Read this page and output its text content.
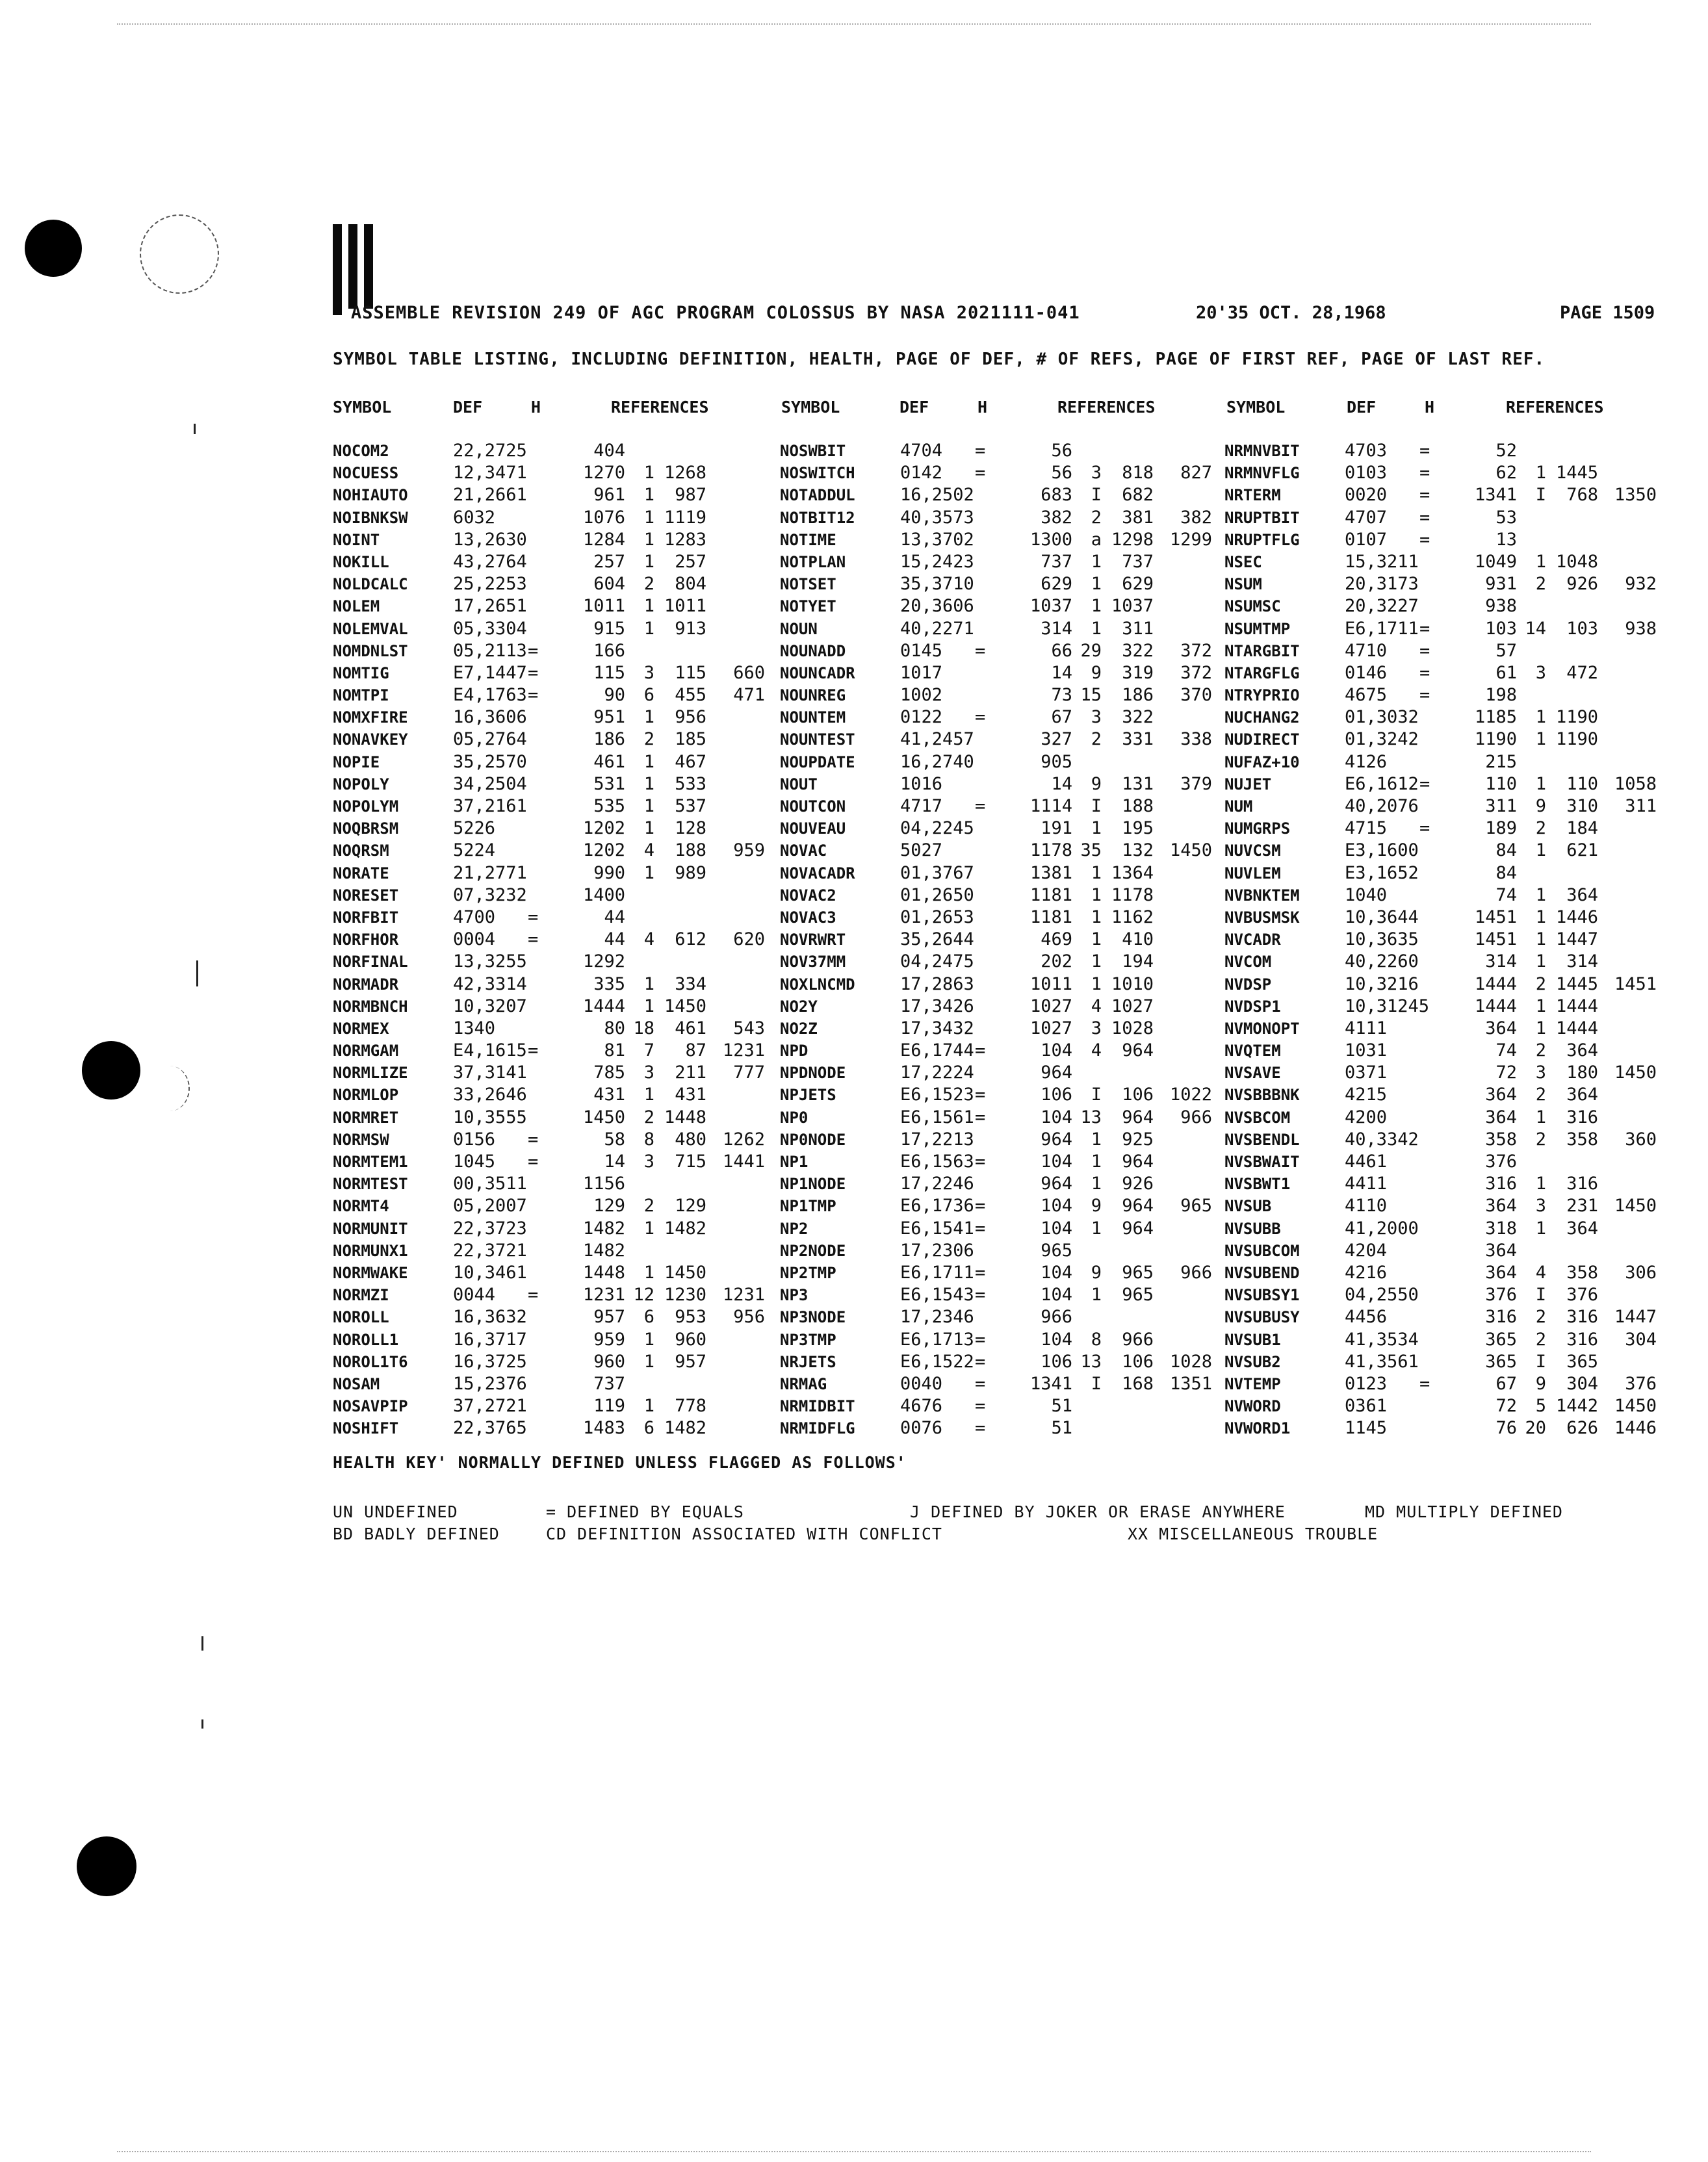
ASSEMBLE REVISION 249 OF AGC PROGRAM COLOSSUS BY NASA 2021111-041	20'35 OCT. 28,1968	PAGE 1509
SYMBOL TABLE LISTING, INCLUDING DEFINITION, HEALTH, PAGE OF DEF, # OF REFS, PAGE OF FIRST REF, PAGE OF LAST REF.
SYMBOL	DEF	H	REFERENCES	SYMBOL	DEF	H	REFERENCES	SYMBOL	DEF	H	REFERENCES
NOCOM2	22,2725	404
NOCUESS	12,3471	1270	1 1268
NOHIAUTO	21,2661	961	1	987
NOIBNKSW	6032	1076	1 1119
NOINT	13,2630	1284	1 1283
NOKILL	43,2764	257	1	257
NOLDCALC	25,2253	604	2	804
NOLEM	17,2651	1011	1 1011
NOLEMVAL	05,3304	915	1	913
NOMDNLST	05,2113 =	166
NOMTIG	E7,1447 =	115	3	115	660
NOMTPI	E4,1763 =	90	6	455	471
NOMXFIRE	16,3606	951	1	956
NONAVKEY	05,2764	186	2	185
NOPIE	35,2570	461	1	467
NOPOLY	34,2504	531	1	533
NOPOLYM	37,2161	535	1	537
NOQBRSM	5226	1202	1	128
NOQRSM	5224	1202	4	188	959
NORATE	21,2771	990	1	989
NORESET	07,3232	1400
NORFBIT	4700 =	44
NORFHOR	0004 =	44	4	612	620
NORFINAL	13,3255	1292
NORMADR	42,3314	335	1	334
NORMBNCH	10,3207	1444	1 1450
NORMEX	1340	80 18	461	543
NORMGAM	E4,1615 =	81	7	87 1231
NORMLIZE	37,3141	785	3	211	777
NORMLOP	33,2646	431	1	431
NORMRET	10,3555	1450	2 1448
NORMSW	0156 =	58	8	480 1262
NORMTEM1	1045 =	14	3	715 1441
NORMTEST	00,3511	1156
NORMT4	05,2007	129	2	129
NORMUNIT	22,3723	1482	1 1482
NORMUNX1	22,3721	1482
NORMWAKE	10,3461	1448	1 1450
NORMZI	0044 =	1231 12 1230 1231
NOROLL	16,3632	957	6	953	956
NOROLL1	16,3717	959	1	960
NOROL1T6	16,3725	960	1	957
NOSAM	15,2376	737
NOSAVPIP	37,2721	119	1	778
NOSHIFT	22,3765	1483	6 1482
NOSWBIT	4704 =	56
NOSWITCH	0142 =	56	3	818	827
NOTADDUL	16,2502	683	I	682
NOTBIT12	40,3573	382	2	381	382
NOTIME	13,3702	1300	a 1298 1299
NOTPLAN	15,2423	737	1	737
NOTSET	35,3710	629	1	629
NOTYET	20,3606	1037	1 1037
NOUN	40,2271	314	1	311
NOUNADD	0145 =	66 29	322	372
NOUNCADR	1017	14	9	319	372
NOUNREG	1002	73 15	186	370
NOUNTEM	0122 =	67	3	322
NOUNTEST	41,2457	327	2	331	338
NOUPDATE	16,2740	905
NOUT	1016	14	9	131	379
NOUTCON	4717 =	1114	I	188
NOUVEAU	04,2245	191	1	195
NOVAC	5027	1178 35	132 1450
NOVACADR	01,3767	1381	1 1364
NOVAC2	01,2650	1181	1 1178
NOVAC3	01,2653	1181	1 1162
NOVRWRT	35,2644	469	1	410
NOV37MM	04,2475	202	1	194
NOXLNCMD	17,2863	1011	1 1010
NO2Y	17,3426	1027	4 1027
NO2Z	17,3432	1027	3 1028
NPD	E6,1744 =	104	4	964
NPDNODE	17,2224	964
NPJETS	E6,1523 =	106	I	106 1022
NP0	E6,1561 =	104 13	964	966
NP0NODE	17,2213	964	1	925
NP1	E6,1563 =	104	1	964
NP1NODE	17,2246	964	1	926
NP1TMP	E6,1736 =	104	9	964	965
NP2	E6,1541 =	104	1	964
NP2NODE	17,2306	965
NP2TMP	E6,1711 =	104	9	965	966
NP3	E6,1543 =	104	1	965
NP3NODE	17,2346	966
NP3TMP	E6,1713 =	104	8	966
NRJETS	E6,1522 =	106 13	106 1028
NRMAG	0040 =	1341	I	168 1351
NRMIDBIT	4676 =	51
NRMIDFLG	0076 =	51
NRMNVBIT	4703 =	52
NRMNVFLG	0103 =	62	1 1445
NRTERM	0020 =	1341	I	768 1350
NRUPTBIT	4707 =	53
NRUPTFLG	0107 =	13
NSEC	15,3211	1049	1 1048
NSUM	20,3173	931	2	926	932
NSUMSC	20,3227	938
NSUMTMP	E6,1711 =	103 14	103	938
NTARGBIT	4710 =	57
NTARGFLG	0146 =	61	3	472
NTRYPRIO	4675 =	198
NUCHANG2	01,3032	1185	1 1190
NUDIRECT	01,3242	1190	1 1190
NUFAZ+10	4126	215
NUJET	E6,1612 =	110	1	110 1058
NUM	40,2076	311	9	310	311
NUMGRPS	4715 =	189	2	184
NUVCSM	E3,1600	84	1	621
NUVLEM	E3,1652	84
NVBNKTEM	1040	74	1	364
NVBUSMSK	10,3644	1451	1 1446
NVCADR	10,3635	1451	1 1447
NVCOM	40,2260	314	1	314
NVDSP	10,3216	1444	2 1445 1451
NVDSP1	10,31245	1444	1 1444
NVMONOPT	4111	364	1 1444
NVQTEM	1031	74	2	364
NVSAVE	0371	72	3	180 1450
NVSBBBNK	4215	364	2	364
NVSBCOM	4200	364	1	316
NVSBENDL	40,3342	358	2	358	360
NVSBWAIT	4461	376
NVSBWT1	4411	316	1	316
NVSUB	4110	364	3	231 1450
NVSUBB	41,2000	318	1	364
NVSUBCOM	4204	364
NVSUBEND	4216	364	4	358	306
NVSUBSY1	04,2550	376	I	376
NVSUBUSY	4456	316	2	316 1447
NVSUB1	41,3534	365	2	316	304
NVSUB2	41,3561	365	I	365
NVTEMP	0123 =	67	9	304	376
NVWORD	0361	72	5 1442 1450
NVWORD1	1145	76 20	626 1446
HEALTH KEY' NORMALLY DEFINED UNLESS FLAGGED AS FOLLOWS'
UN UNDEFINED	= DEFINED BY EQUALS	J DEFINED BY JOKER OR ERASE ANYWHERE	MD MULTIPLY DEFINED
BD BADLY DEFINED	CD DEFINITION ASSOCIATED WITH CONFLICT	XX MISCELLANEOUS TROUBLE
